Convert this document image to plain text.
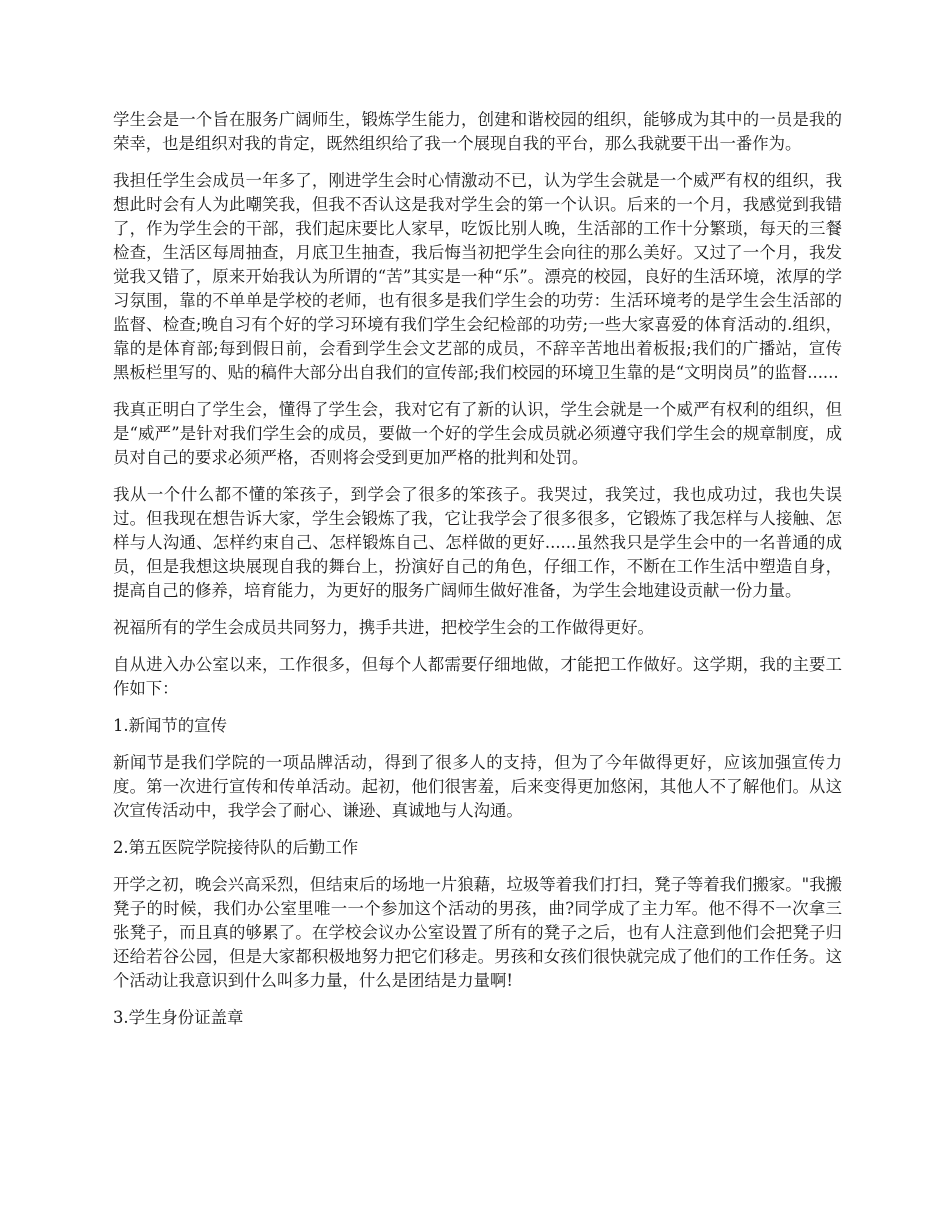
学生会是一个旨在服务广阔师生，锻炼学生能力，创建和谐校园的组织，能够成为其中的一员是我的荣幸，也是组织对我的肯定，既然组织给了我一个展现自我的平台，那么我就要干出一番作为。

我担任学生会成员一年多了，刚进学生会时心情激动不已，认为学生会就是一个威严有权的组织，我想此时会有人为此嘲笑我，但我不否认这是我对学生会的第一个认识。后来的一个月，我感觉到我错了，作为学生会的干部，我们起床要比人家早，吃饭比别人晚，生活部的工作十分繁琐，每天的三餐检查，生活区每周抽查，月底卫生抽查，我后悔当初把学生会向往的那么美好。又过了一个月，我发觉我又错了，原来开始我认为所谓的“苦”其实是一种“乐”。漂亮的校园，良好的生活环境，浓厚的学习氛围，靠的不单单是学校的老师，也有很多是我们学生会的功劳：生活环境考的是学生会生活部的监督、检查;晚自习有个好的学习环境有我们学生会纪检部的功劳;一些大家喜爱的体育活动的.组织，靠的是体育部;每到假日前，会看到学生会文艺部的成员，不辞辛苦地出着板报;我们的广播站，宣传黑板栏里写的、贴的稿件大部分出自我们的宣传部;我们校园的环境卫生靠的是“文明岗员”的监督......

我真正明白了学生会，懂得了学生会，我对它有了新的认识，学生会就是一个威严有权利的组织，但是“威严”是针对我们学生会的成员，要做一个好的学生会成员就必须遵守我们学生会的规章制度，成员对自己的要求必须严格，否则将会受到更加严格的批判和处罚。

我从一个什么都不懂的笨孩子，到学会了很多的笨孩子。我哭过，我笑过，我也成功过，我也失误过。但我现在想告诉大家，学生会锻炼了我，它让我学会了很多很多，它锻炼了我怎样与人接触、怎样与人沟通、怎样约束自己、怎样锻炼自己、怎样做的更好......虽然我只是学生会中的一名普通的成员，但是我想这块展现自我的舞台上，扮演好自己的角色，仔细工作，不断在工作生活中塑造自身，提高自己的修养，培育能力，为更好的服务广阔师生做好准备，为学生会地建设贡献一份力量。

祝福所有的学生会成员共同努力，携手共进，把校学生会的工作做得更好。

自从进入办公室以来，工作很多，但每个人都需要仔细地做，才能把工作做好。这学期，我的主要工作如下：

1.新闻节的宣传

新闻节是我们学院的一项品牌活动，得到了很多人的支持，但为了今年做得更好，应该加强宣传力度。第一次进行宣传和传单活动。起初，他们很害羞，后来变得更加悠闲，其他人不了解他们。从这次宣传活动中，我学会了耐心、谦逊、真诚地与人沟通。

2.第五医院学院接待队的后勤工作

开学之初，晚会兴高采烈，但结束后的场地一片狼藉，垃圾等着我们打扫，凳子等着我们搬家。"我搬凳子的时候，我们办公室里唯一一个参加这个活动的男孩，曲?同学成了主力军。他不得不一次拿三张凳子，而且真的够累了。在学校会议办公室设置了所有的凳子之后，也有人注意到他们会把凳子归还给若谷公园，但是大家都积极地努力把它们移走。男孩和女孩们很快就完成了他们的工作任务。这个活动让我意识到什么叫多力量，什么是团结是力量啊!

3.学生身份证盖章
